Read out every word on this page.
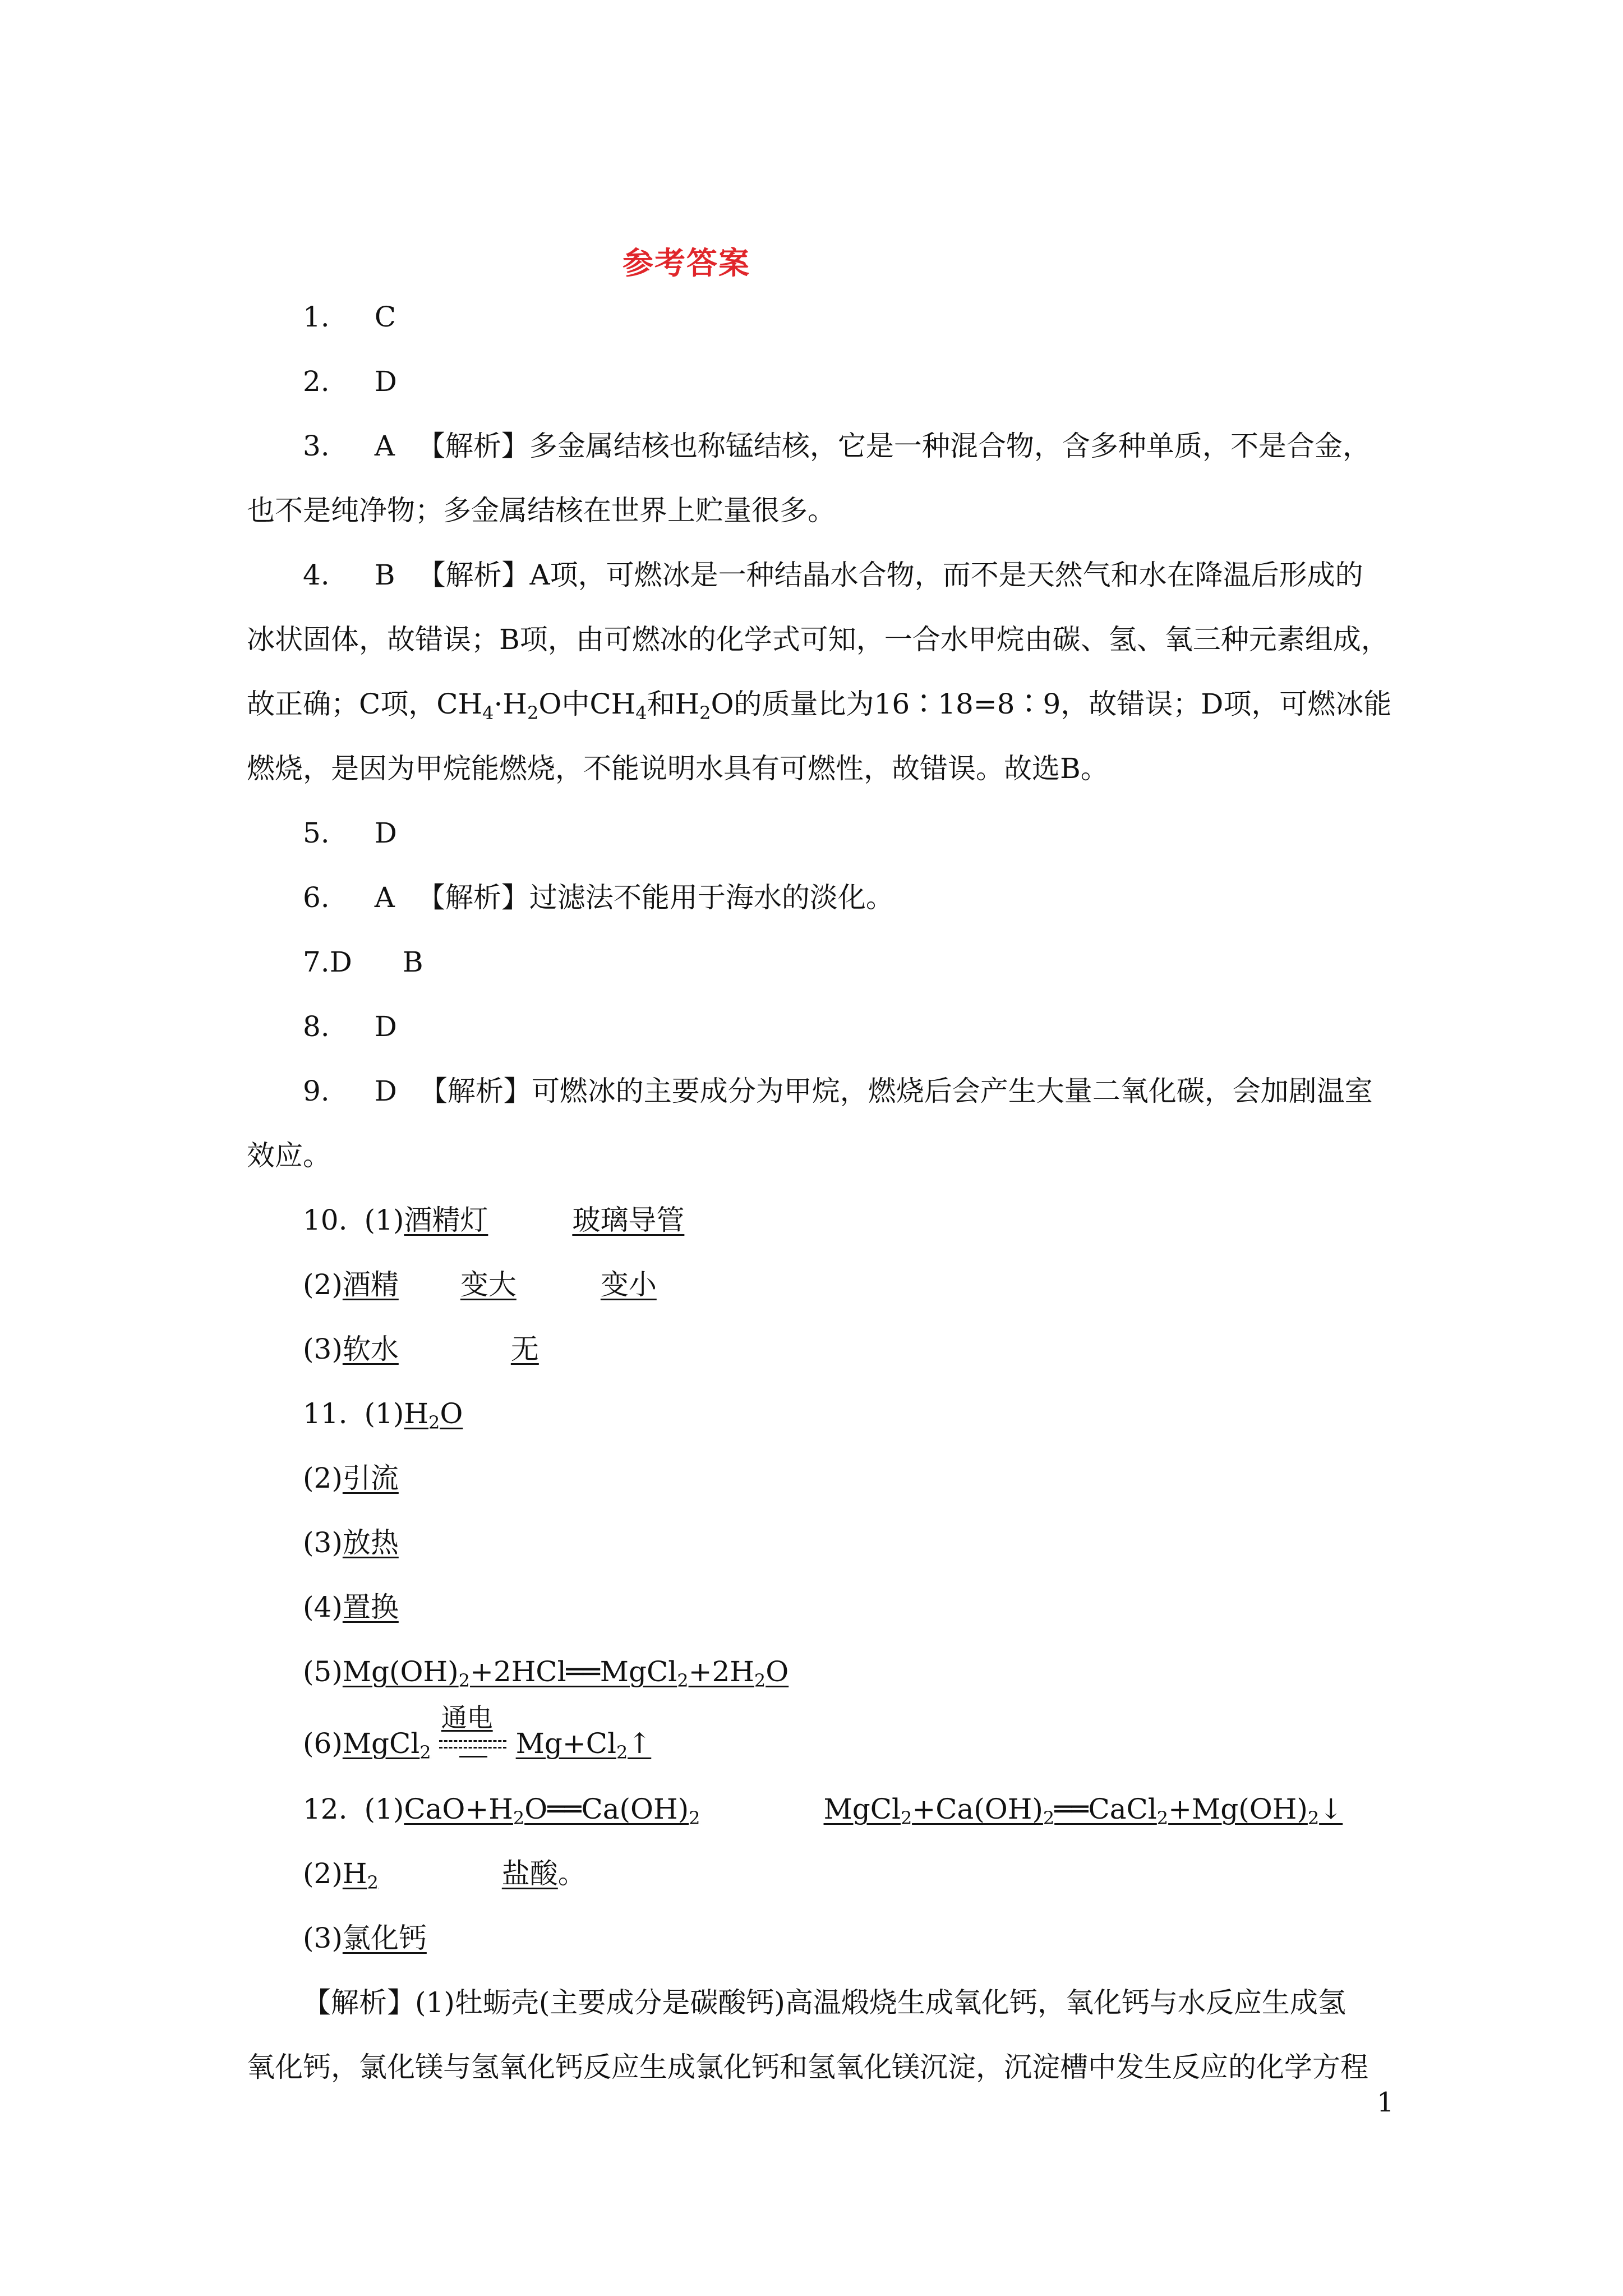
参考答案
1. C
2. D
3. A 【解析】多金属结核也称锰结核，它是一种混合物，含多种单质，不是合金，
也不是纯净物；多金属结核在世界上贮量很多。
4. B 【解析】A项，可燃冰是一种结晶水合物，而不是天然气和水在降温后形成的
冰状固体，故错误；B项，由可燃冰的化学式可知，一合水甲烷由碳、氢、氧三种元素组成，
故正确；C项，$CH_4\cdot H_2O$中$CH_4$和$H_2O$的质量比为16∶18=8∶9，故错误；D项，可燃冰能
燃烧，是因为甲烷能燃烧，不能说明水具有可燃性，故错误。故选B。
5. D
6. A 【解析】过滤法不能用于海水的淡化。
7.D B
8. D
9. D 【解析】可燃冰的主要成分为甲烷，燃烧后会产生大量二氧化碳，会加剧温室
效应。
10. (1)酒精灯	玻璃导管
(2)酒精 变大	变小
(3)软水	无
11. $(1)H_2O$
(2)引流
(3)放热
(4)置换
$(5)Mg(OH)_2+2HCl══MgCl_2+2H_2O$
(6)MgCl$_2$
通电
$Mg+Cl_2↑$
12. $(1)CaO+H_2O══Ca(OH)_2$	$MgCl_2+Ca(OH)_2══CaCl_2+Mg(OH)_2↓$
$(2)H_2$	盐酸。
(3)氯化钙
【解析】(1)牡蛎壳(主要成分是碳酸钙)高温煅烧生成氧化钙，氧化钙与水反应生成氢
氧化钙，氯化镁与氢氧化钙反应生成氯化钙和氢氧化镁沉淀，沉淀槽中发生反应的化学方程
1
